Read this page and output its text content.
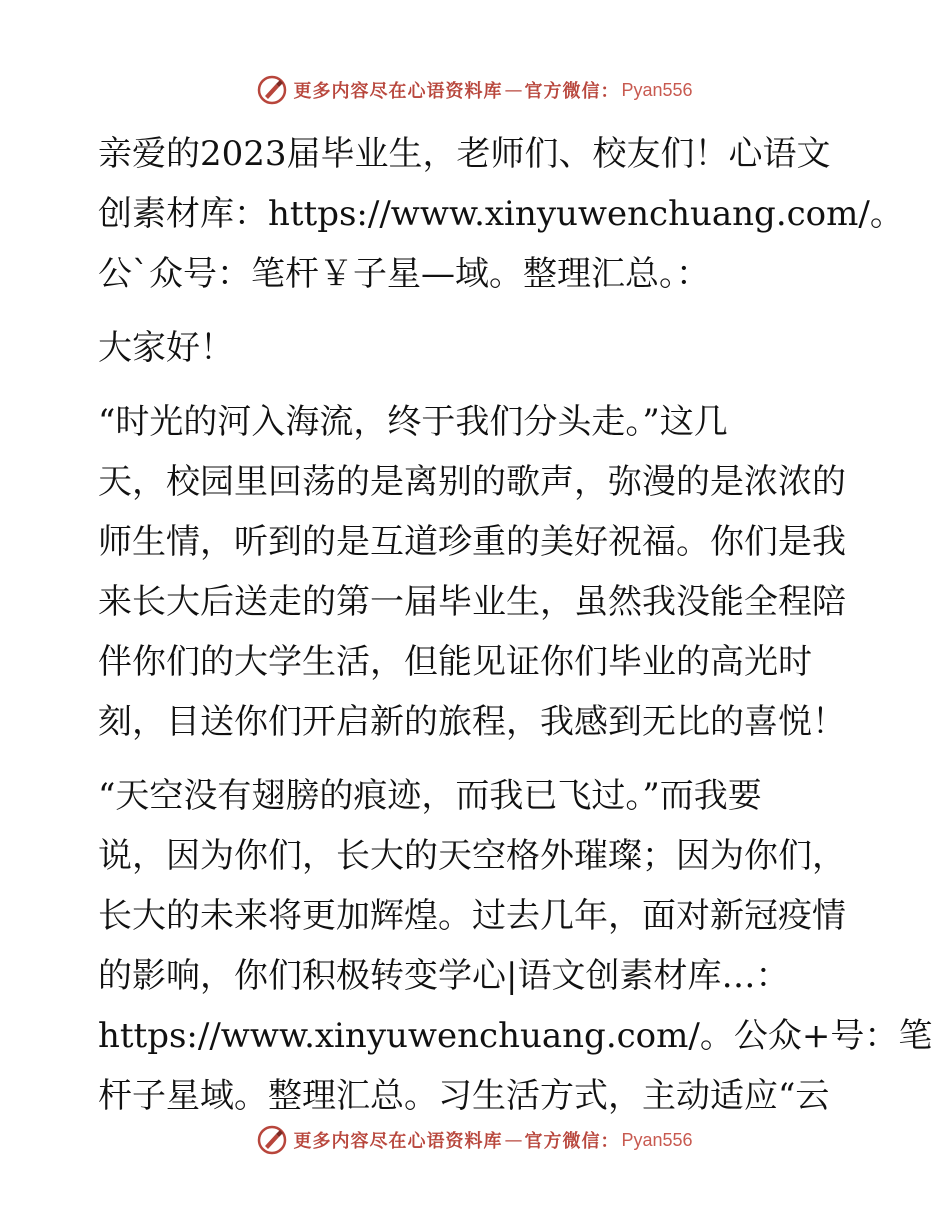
更多内容尽在心语资料库 — 官方微信： Pyan556

亲爱的2023届毕业生，老师们、校友们！心语文
创素材库：https://www.xinyuwenchuang.com/。
公`众号：笔杆￥子星—域。整理汇总。：

大家好！

“时光的河入海流，终于我们分头走。”这几
天，校园里回荡的是离别的歌声，弥漫的是浓浓的
师生情，听到的是互道珍重的美好祝福。你们是我
来长大后送走的第一届毕业生，虽然我没能全程陪
伴你们的大学生活，但能见证你们毕业的高光时
刻，目送你们开启新的旅程，我感到无比的喜悦！

“天空没有翅膀的痕迹，而我已飞过。”而我要
说，因为你们，长大的天空格外璀璨；因为你们，
长大的未来将更加辉煌。过去几年，面对新冠疫情
的影响，你们积极转变学心|语文创素材库…：
https://www.xinyuwenchuang.com/。公众+号：笔
杆子星域。整理汇总。习生活方式，主动适应“云

更多内容尽在心语资料库 — 官方微信： Pyan556
